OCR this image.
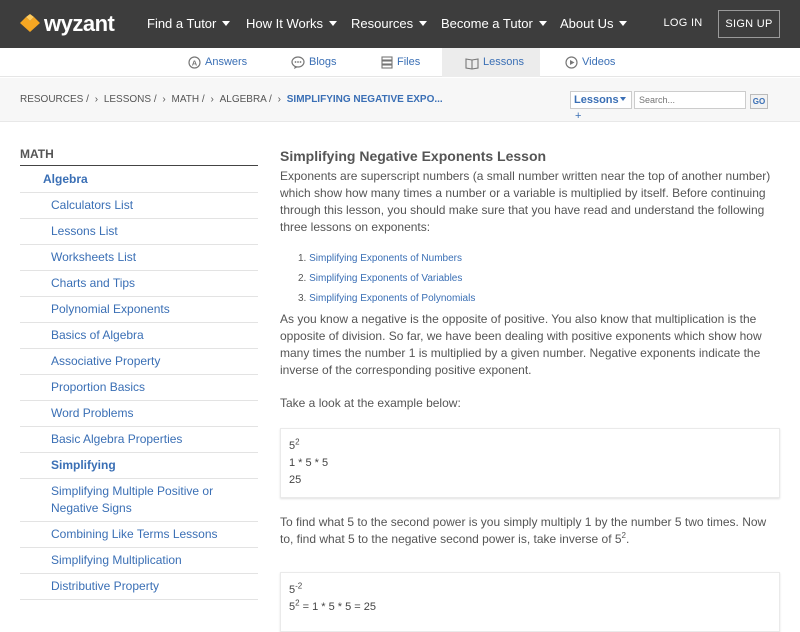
wyzant	Find a Tutor	How It Works	Resources	Become a Tutor	About Us	LOG IN	SIGN UP
A Answers	Blogs	Files	Lessons	Videos
RESOURCES / › LESSONS / › MATH / › ALGEBRA / › SIMPLIFYING NEGATIVE EXPO...	Lessons +
Search...
GO
MATH
Algebra
Calculators List
Lessons List
Worksheets List
Charts and Tips
Polynomial Exponents
Basics of Algebra
Associative Property
Proportion Basics
Word Problems
Basic Algebra Properties
Simplifying
Simplifying Multiple Positive or Negative Signs
Combining Like Terms Lessons
Simplifying Multiplication
Distributive Property
Simplifying Negative Exponents Lesson

Exponents are superscript numbers (a small number written near the top of another number) which show how many times a number or a variable is multiplied by itself. Before continuing through this lesson, you should make sure that you have read and understand the following three lessons on exponents:

1. Simplifying Exponents of Numbers
2. Simplifying Exponents of Variables
3. Simplifying Exponents of Polynomials

As you know a negative is the opposite of positive. You also know that multiplication is the opposite of division. So far, we have been dealing with positive exponents which show how many times the number 1 is multiplied by a given number. Negative exponents indicate the inverse of the corresponding positive exponent.

Take a look at the example below:

$5^2$
1 * 5 * 5
25

To find what 5 to the second power is you simply multiply 1 by the number 5 two times. Now to, find what 5 to the negative second power is, take inverse of $5^2$.

$5^{-2}$
$5^2 = 1 * 5 * 5 = 25$
